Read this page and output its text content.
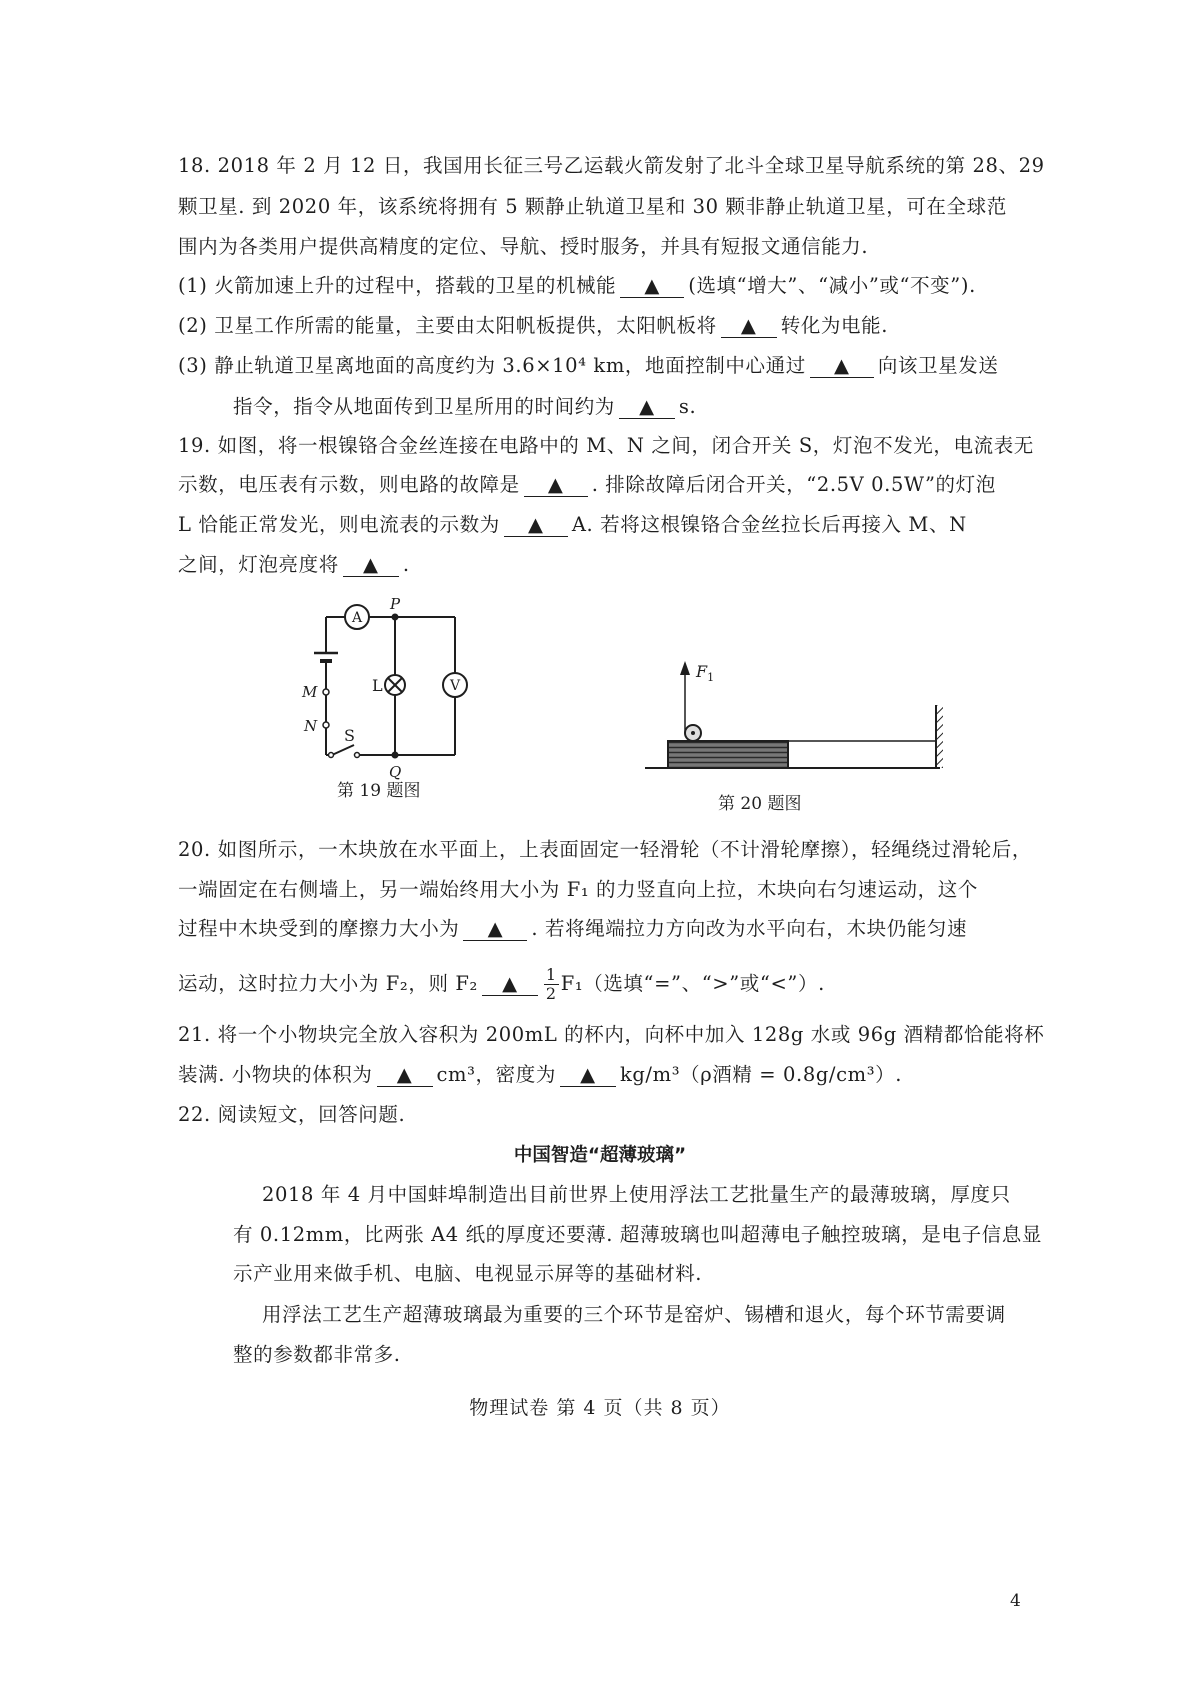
18. 2018 年 2 月 12 日，我国用长征三号乙运载火箭发射了北斗全球卫星导航系统的第 28、29
颗卫星. 到 2020 年，该系统将拥有 5 颗静止轨道卫星和 30 颗非静止轨道卫星，可在全球范
围内为各类用户提供高精度的定位、导航、授时服务，并具有短报文通信能力.
(1) 火箭加速上升的过程中，搭载的卫星的机械能 ▲ (选填“增大”、“减小”或“不变”).
(2) 卫星工作所需的能量，主要由太阳帆板提供，太阳帆板将 ▲ 转化为电能.
(3) 静止轨道卫星离地面的高度约为 3.6×10⁴ km，地面控制中心通过 ▲ 向该卫星发送
指令，指令从地面传到卫星所用的时间约为 ▲ s.
19. 如图，将一根镍铬合金丝连接在电路中的 M、N 之间，闭合开关 S，灯泡不发光，电流表无
示数，电压表有示数，则电路的故障是 ▲ . 排除故障后闭合开关，“2.5V 0.5W”的灯泡
L 恰能正常发光，则电流表的示数为 ▲ A. 若将这根镍铬合金丝拉长后再接入 M、N
之间，灯泡亮度将 ▲ .
A
V
L
P
Q
M
N S
第 19 题图
$F_1$
第 20 题图
20. 如图所示，一木块放在水平面上，上表面固定一轻滑轮（不计滑轮摩擦），轻绳绕过滑轮后，
一端固定在右侧墙上，另一端始终用大小为 F₁ 的力竖直向上拉，木块向右匀速运动，这个
过程中木块受到的摩擦力大小为 ▲ . 若将绳端拉力方向改为水平向右，木块仍能匀速
运动，这时拉力大小为 F₂，则 F₂ ▲ $\frac{1}{2} F_1$（选填“=”、“>”或“<”）.
21. 将一个小物块完全放入容积为 200mL 的杯内，向杯中加入 128g 水或 96g 酒精都恰能将杯
装满. 小物块的体积为 ▲ cm³，密度为 ▲ kg/m³（ρ酒精 = 0.8g/cm³）.
22. 阅读短文，回答问题.
中国智造“超薄玻璃”
2018 年 4 月中国蚌埠制造出目前世界上使用浮法工艺批量生产的最薄玻璃，厚度只
有 0.12mm，比两张 A4 纸的厚度还要薄. 超薄玻璃也叫超薄电子触控玻璃，是电子信息显
示产业用来做手机、电脑、电视显示屏等的基础材料.
用浮法工艺生产超薄玻璃最为重要的三个环节是窑炉、锡槽和退火，每个环节需要调
整的参数都非常多.
物理试卷 第 4 页（共 8 页）
4
